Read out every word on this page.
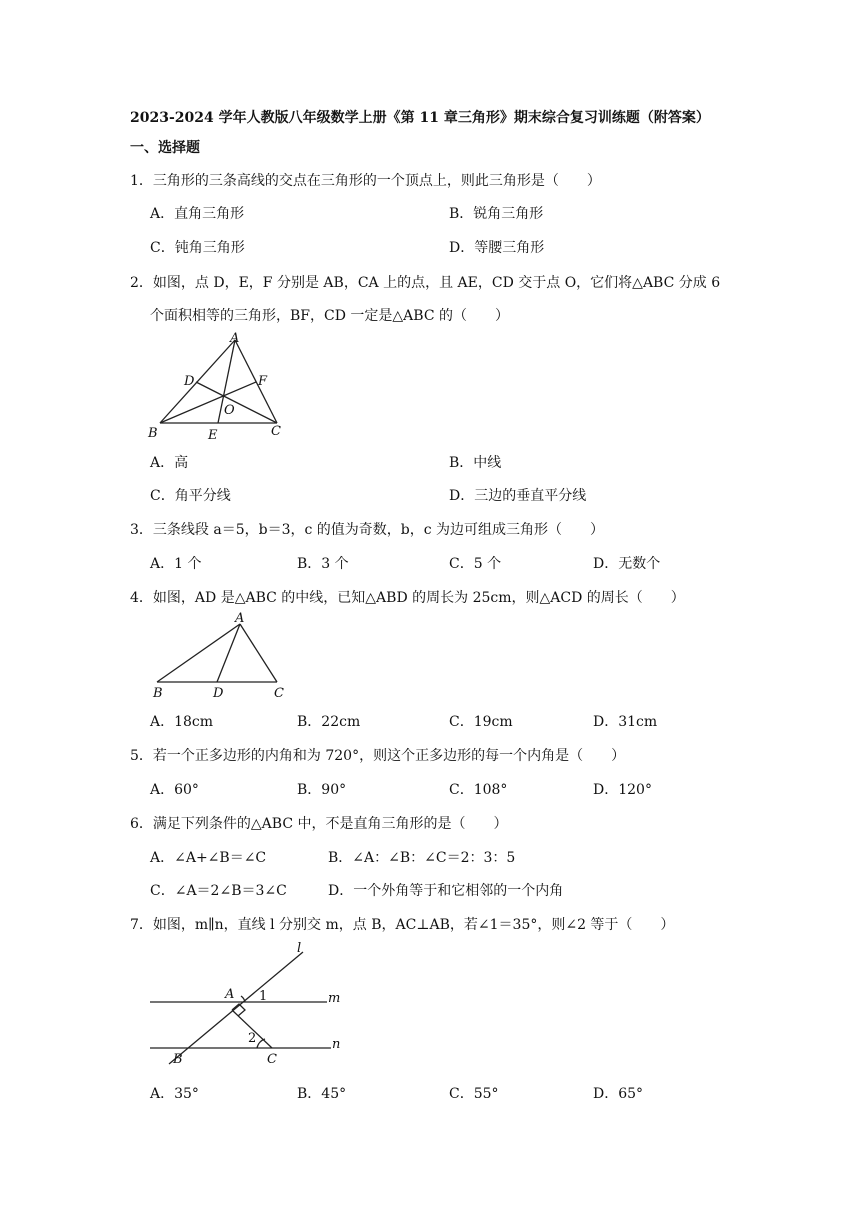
2023-2024 学年人教版八年级数学上册《第 11 章三角形》期末综合复习训练题（附答案）
一、选择题
1．三角形的三条高线的交点在三角形的一个顶点上，则此三角形是（　　）
A．直角三角形	B．锐角三角形
C．钝角三角形	D．等腰三角形
2．如图，点 D，E，F 分别是 AB，CA 上的点，且 AE，CD 交于点 O，它们将△ABC 分成 6
个面积相等的三角形，BF，CD 一定是△ABC 的（　　）
A
D	F
O
B	E	C
A．高	B．中线
C．角平分线	D．三边的垂直平分线
3．三条线段 a＝5，b＝3，c 的值为奇数，b，c 为边可组成三角形（　　）
A．1 个	B．3 个	C．5 个	D．无数个
4．如图，AD 是△ABC 的中线，已知△ABD 的周长为 25cm，则△ACD 的周长（　　）
A
B	D	C
A．18cm	B．22cm	C．19cm	D．31cm
5．若一个正多边形的内角和为 720°，则这个正多边形的每一个内角是（　　）
A．60°	B．90°	C．108°	D．120°
6．满足下列条件的△ABC 中，不是直角三角形的是（　　）
A．∠A+∠B＝∠C	B．∠A：∠B：∠C＝2：3：5
C．∠A＝2∠B＝3∠C	D．一个外角等于和它相邻的一个内角
7．如图，m∥n，直线 l 分别交 m，点 B，AC⊥AB，若∠1＝35°，则∠2 等于（　　）
l
A 1	m
2	n
B	C
A．35°	B．45°	C．55°	D．65°
